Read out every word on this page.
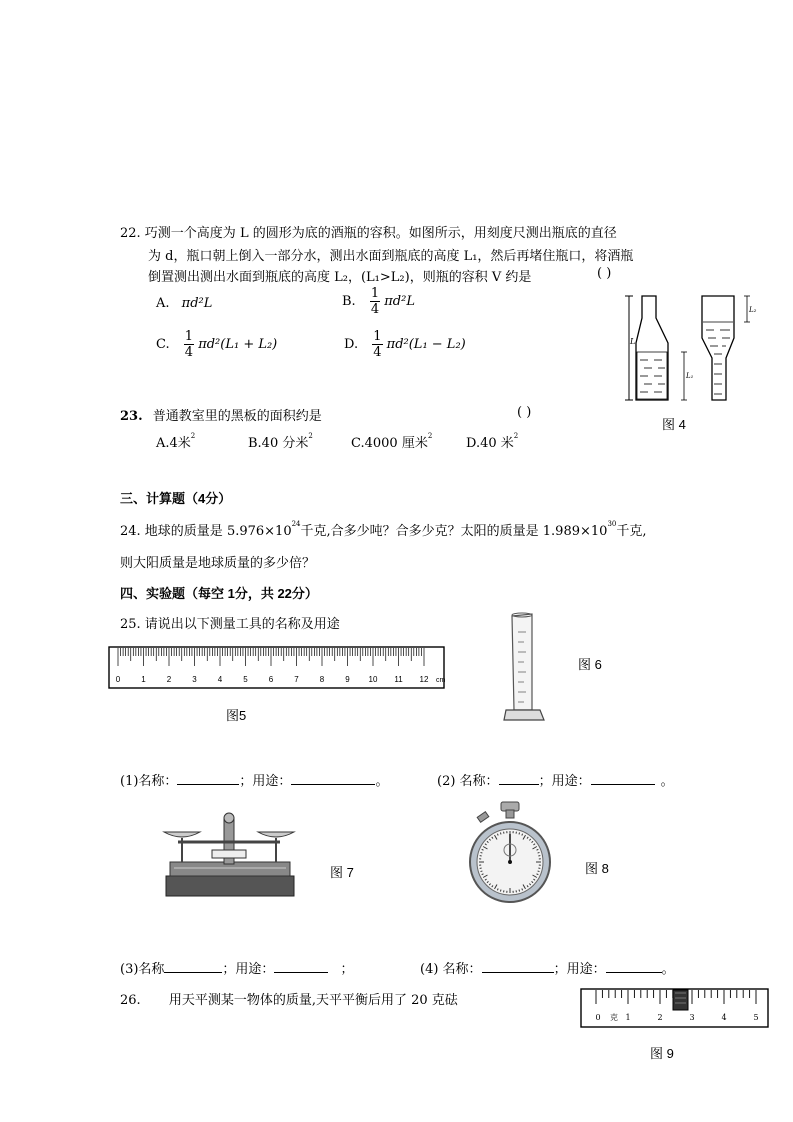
22. 巧测一个高度为 L 的圆形为底的酒瓶的容积。如图所示，用刻度尺测出瓶底的直径
为 d，瓶口朝上倒入一部分水，测出水面到瓶底的高度 L₁，然后再堵住瓶口，将酒瓶
倒置测出测出水面到瓶底的高度 L₂，(L₁>L₂)，则瓶的容积 V 约是	( )
A. πd²L	B. $\frac{1}{4} \pi d^2L$
C. $\frac{1}{4} \pi d^2(L_1 + L_2)$	D. $\frac{1}{4} \pi d^2(L_1 - L_2)$	L
L₁
L₂
图 4
23. 普通教室里的黑板的面积约是	( )
A.4米$^2$	B.40 分米$^2$	C.4000 厘米$^2$	D.40 米$^2$
三、计算题（4分）
24. 地球的质量是 $5.976\times 10^{24}$千克,合多少吨？合多少克？太阳的质量是 $1.989\times 10^{30}$千克,
则大阳质量是地球质量的多少倍？
四、实验题（每空 1分，共 22分）
25. 请说出以下测量工具的名称及用途
0	1	2	3	4	5	6	7	8	9 10 11 12 cm
图5
图 6
(1)名称：	；用途：	。	(2) 名称：	；用途：	。
图 7	图 8
(3)名称	；用途：	；	(4) 名称：	；用途：	。
26. 用天平测某一物体的质量,天平平衡后用了 20 克砝
0	1	2	3	4	5
克
图 9
